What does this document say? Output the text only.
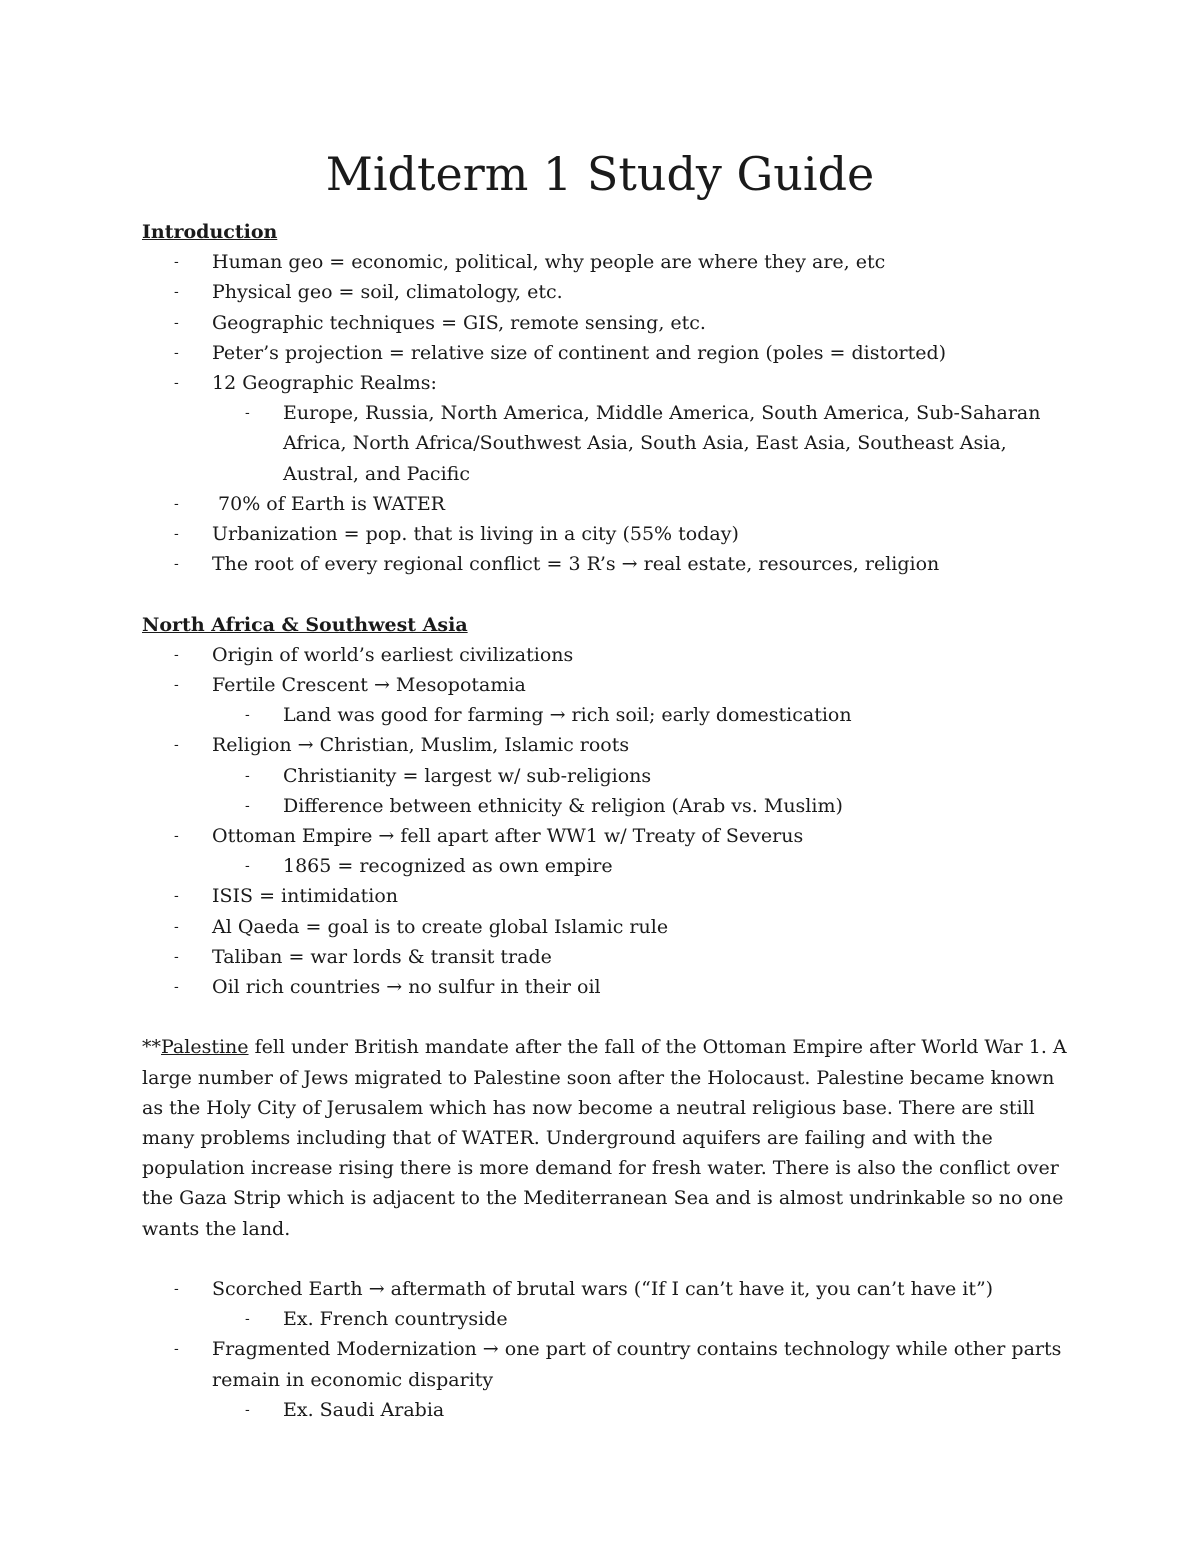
Midterm 1 Study Guide
Introduction
- Human geo = economic, political, why people are where they are, etc
- Physical geo = soil, climatology, etc.
- Geographic techniques = GIS, remote sensing, etc.
- Peter’s projection = relative size of continent and region (poles = distorted)
- 12 Geographic Realms:
- Europe, Russia, North America, Middle America, South America, Sub-Saharan Africa, North Africa/Southwest Asia, South Asia, East Asia, Southeast Asia, Austral, and Pacific
- 70% of Earth is WATER
- Urbanization = pop. that is living in a city (55% today)
- The root of every regional conflict = 3 R’s → real estate, resources, religion
North Africa & Southwest Asia
- Origin of world’s earliest civilizations
- Fertile Crescent → Mesopotamia
- Land was good for farming → rich soil; early domestication
- Religion → Christian, Muslim, Islamic roots
- Christianity = largest w/ sub-religions
- Difference between ethnicity & religion (Arab vs. Muslim)
- Ottoman Empire → fell apart after WW1 w/ Treaty of Severus
- 1865 = recognized as own empire
- ISIS = intimidation
- Al Qaeda = goal is to create global Islamic rule
- Taliban = war lords & transit trade
- Oil rich countries → no sulfur in their oil

**Palestine fell under British mandate after the fall of the Ottoman Empire after World War 1. A large number of Jews migrated to Palestine soon after the Holocaust. Palestine became known as the Holy City of Jerusalem which has now become a neutral religious base. There are still many problems including that of WATER. Underground aquifers are failing and with the population increase rising there is more demand for fresh water. There is also the conflict over the Gaza Strip which is adjacent to the Mediterranean Sea and is almost undrinkable so no one wants the land.

- Scorched Earth → aftermath of brutal wars (“If I can’t have it, you can’t have it”)
- Ex. French countryside
- Fragmented Modernization → one part of country contains technology while other parts remain in economic disparity
- Ex. Saudi Arabia
